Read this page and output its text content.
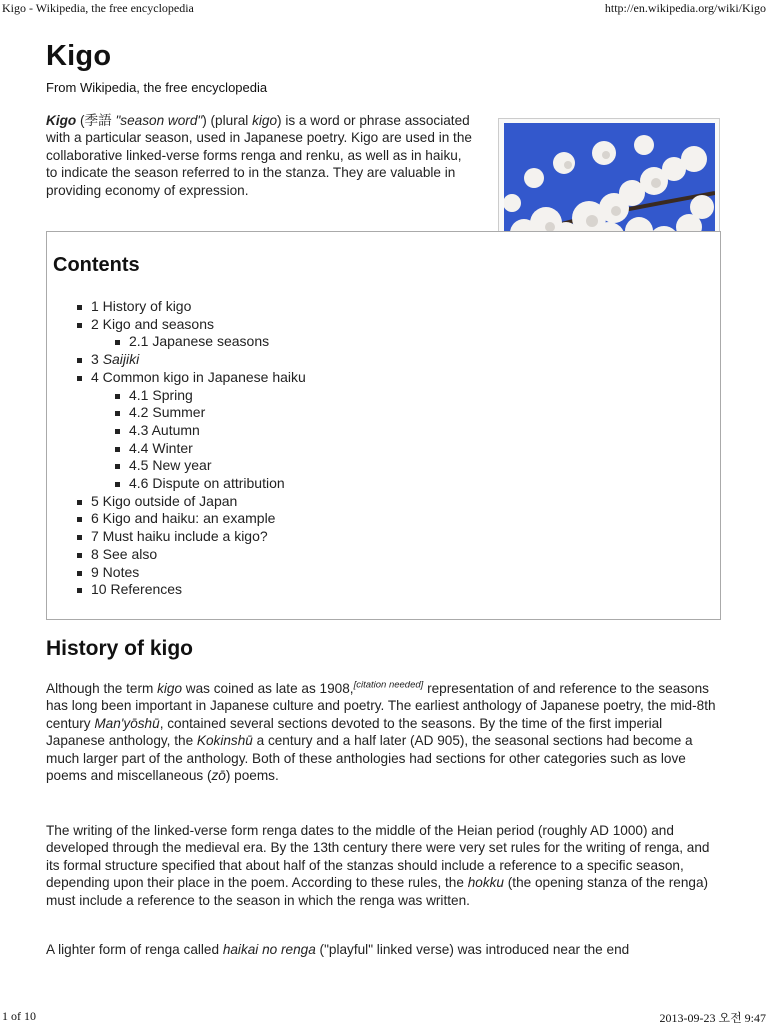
Kigo - Wikipedia, the free encyclopedia	http://en.wikipedia.org/wiki/Kigo
Kigo
From Wikipedia, the free encyclopedia
Kigo (季語 "season word") (plural kigo) is a word or phrase associated with a particular season, used in Japanese poetry. Kigo are used in the collaborative linked-verse forms renga and renku, as well as in haiku, to indicate the season referred to in the stanza. They are valuable in providing economy of expression.
Contents
1 History of kigo
2 Kigo and seasons
2.1 Japanese seasons
3 Saijiki
4 Common kigo in Japanese haiku
4.1 Spring
4.2 Summer
4.3 Autumn
4.4 Winter
4.5 New year
4.6 Dispute on attribution
5 Kigo outside of Japan
6 Kigo and haiku: an example
7 Must haiku include a kigo?
8 See also
9 Notes
10 References
History of kigo
Although the term kigo was coined as late as 1908,[citation needed] representation of and reference to the seasons has long been important in Japanese culture and poetry. The earliest anthology of Japanese poetry, the mid-8th century Man'yōshū, contained several sections devoted to the seasons. By the time of the first imperial Japanese anthology, the Kokinshū a century and a half later (AD 905), the seasonal sections had become a much larger part of the anthology. Both of these anthologies had sections for other categories such as love poems and miscellaneous (zō) poems.
The writing of the linked-verse form renga dates to the middle of the Heian period (roughly AD 1000) and developed through the medieval era. By the 13th century there were very set rules for the writing of renga, and its formal structure specified that about half of the stanzas should include a reference to a specific season, depending upon their place in the poem. According to these rules, the hokku (the opening stanza of the renga) must include a reference to the season in which the renga was written.
A lighter form of renga called haikai no renga ("playful" linked verse) was introduced near the end
1 of 10	2013-09-23 오전 9:47
